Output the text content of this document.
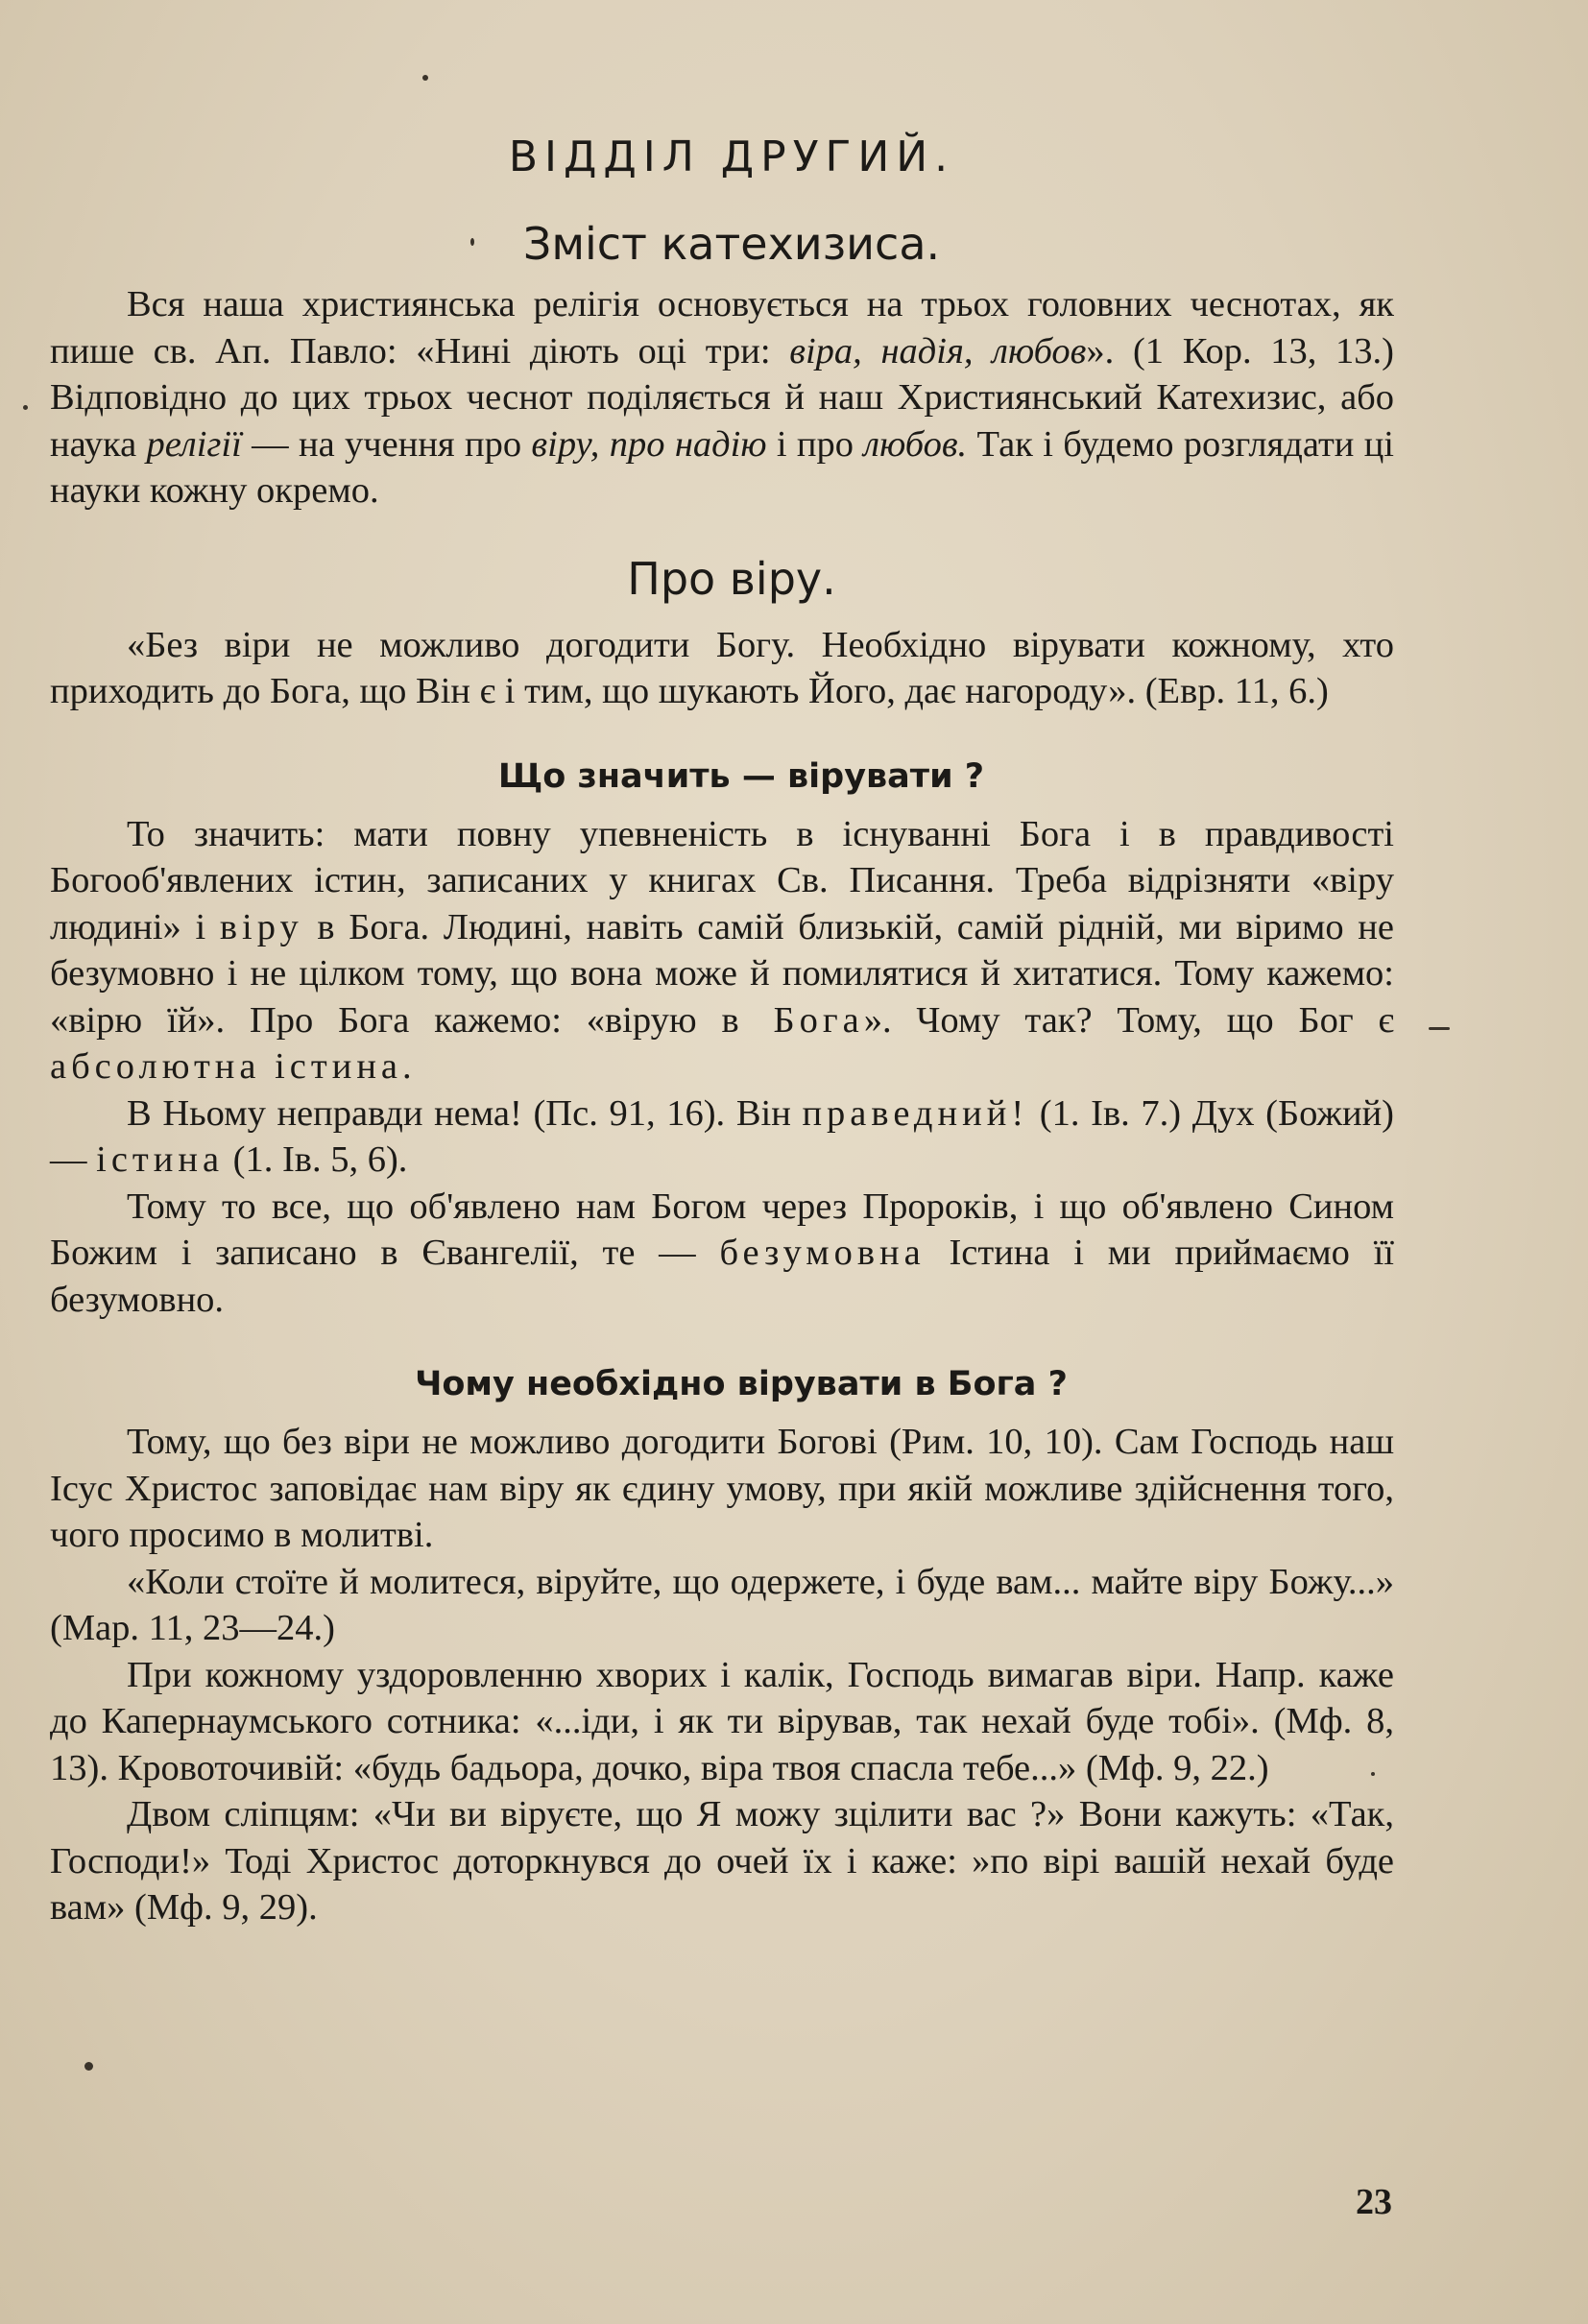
ВІДДІЛ ДРУГИЙ.
Зміст катехизиса.

Вся наша християнська релігія основується на трьох головних чеснотах, як пише св. Ап. Павло: «Нині діють оці три: віра, надія, любов». (1 Кор. 13, 13.) Відповідно до цих трьох чеснот поділяється й наш Християнський Катехизис, або наука релігії — на учення про віру, про надію і про любов. Так і будемо розглядати ці науки кожну окремо.

Про віру.

«Без віри не можливо догодити Богу. Необхідно вірувати кожному, хто приходить до Бога, що Він є і тим, що шукають Його, дає нагороду». (Евр. 11, 6.)

Що значить — вірувати ?

То значить: мати повну упевненість в існуванні Бога і в правдивості Богооб'явлених істин, записаних у книгах Св. Писання. Треба відрізняти «віру людині» і віру в Бога. Людині, навіть самій близькій, самій рідній, ми віримо не безумовно і не цілком тому, що вона може й помилятися й хитатися. Тому кажемо: «вірю їй». Про Бога кажемо: «вірую в Бога». Чому так? Тому, що Бог є абсолютна істина.

В Ньому неправди нема! (Пс. 91, 16). Він праведний! (1. Ів. 7.) Дух (Божий) — істина (1. Ів. 5, 6).

Тому то все, що об'явлено нам Богом через Пророків, і що об'явлено Сином Божим і записано в Євангелії, те — безумовна Істина і ми приймаємо її безумовно.

Чому необхідно вірувати в Бога ?

Тому, що без віри не можливо догодити Богові (Рим. 10, 10). Сам Господь наш Ісус Христос заповідає нам віру як єдину умову, при якій можливе здійснення того, чого просимо в молитві.

«Коли стоїте й молитеся, віруйте, що одержете, і буде вам... майте віру Божу...» (Мар. 11, 23—24.)

При кожному уздоровленню хворих і калік, Господь вимагав віри. Напр. каже до Капернаумського сотника: «...іди, і як ти вірував, так нехай буде тобі». (Мф. 8, 13). Кровоточивій: «будь бадьора, дочко, віра твоя спасла тебе...» (Мф. 9, 22.)

Двом сліпцям: «Чи ви віруєте, що Я можу зцілити вас ?» Вони кажуть: «Так, Господи!» Тоді Христос доторкнувся до очей їх і каже: »по вірі вашій нехай буде вам» (Мф. 9, 29).

23
